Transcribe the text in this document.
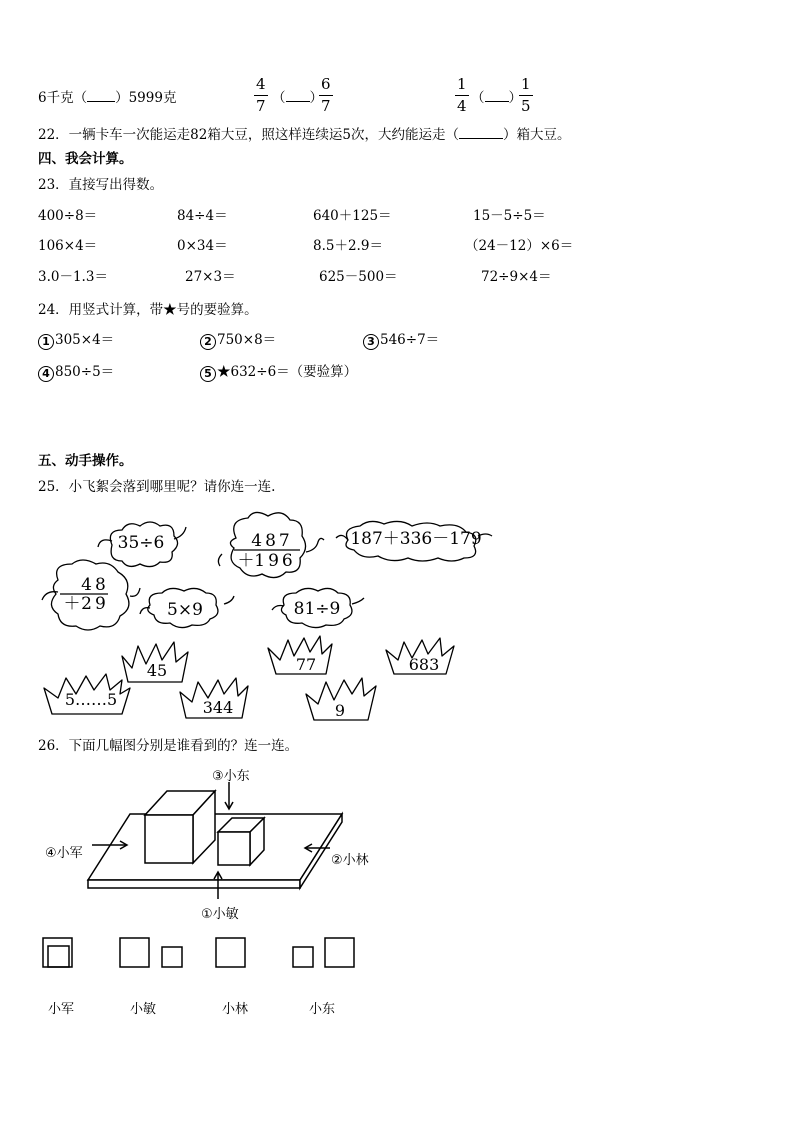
6千克（ ）5999克	$\frac{4}{7}$ （ ）
$\frac{6}{7}$	$\frac{1}{4}$ （ ）
$\frac{1}{5}$
22．一辆卡车一次能运走82箱大豆，照这样连续运5次，大约能运走（	）箱大豆。
四、我会计算。
23．直接写出得数。
400÷8＝	84÷4＝	640＋125＝	15－5÷5＝
106×4＝	0×34＝	8.5＋2.9＝	（24－12）×6＝
3.0－1.3＝	27×3＝	625－500＝	72÷9×4＝
24．用竖式计算，带★号的要验算。
1 305×4＝	2 750×8＝	3 546÷7＝
4 850÷5＝	5 ★632÷6＝（要验算）
五、动手操作。
25．小飞絮会落到哪里呢？请你连一连.
35÷6	487
＋ 196
187＋336－179
48
＋ 29	5×9	81÷9
45	77	683
5……5	344	9
③小东
④小军	②小林
①小敏
26．下面几幅图分别是谁看到的？连一连。
小军	小敏	小林	小东
